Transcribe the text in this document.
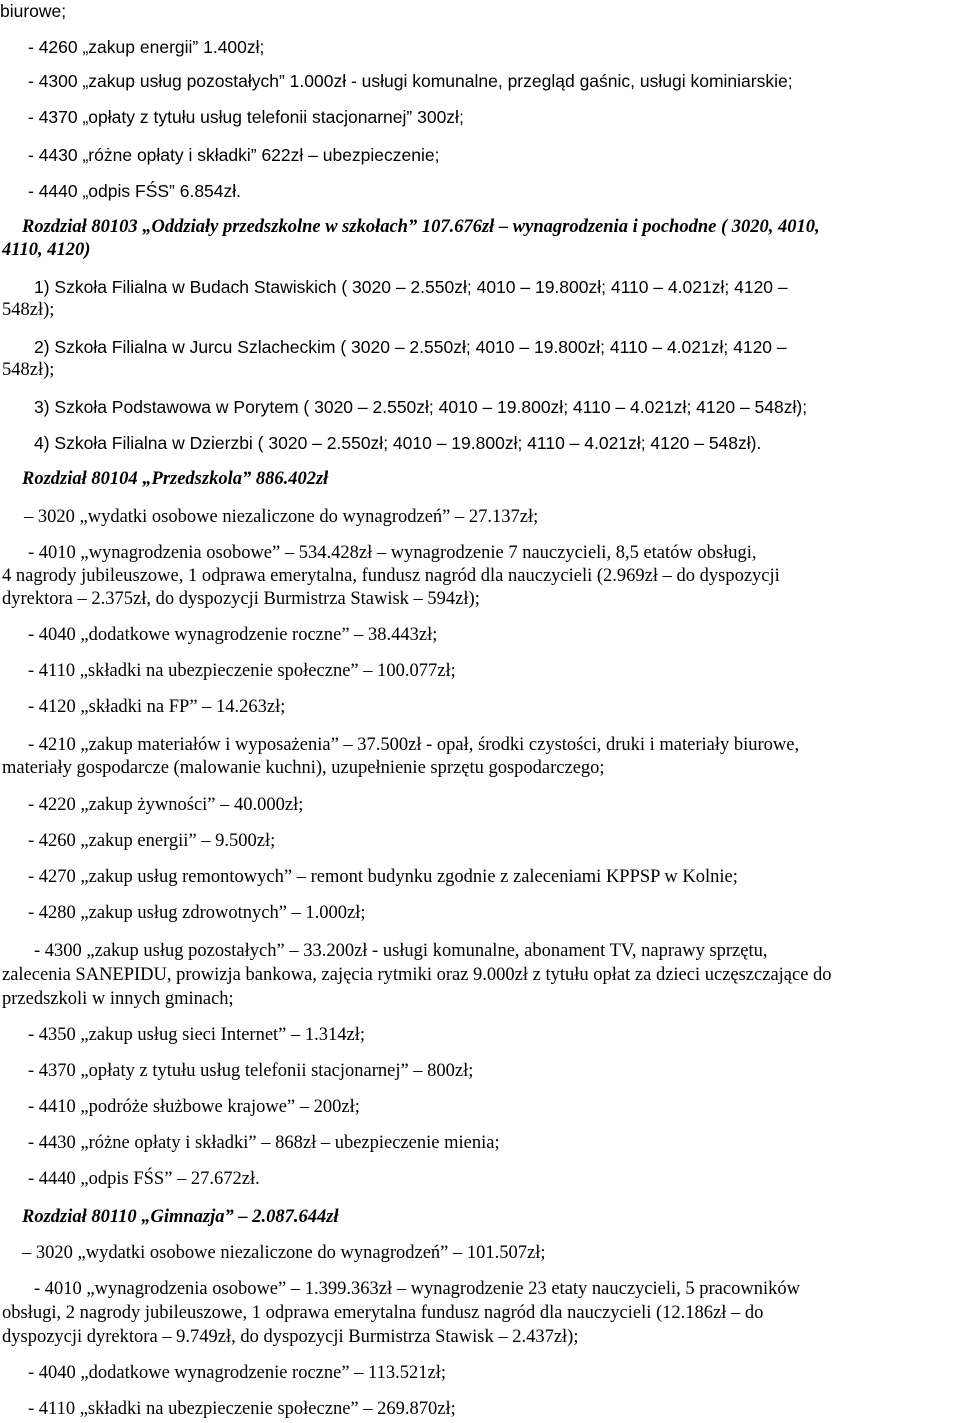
biurowe;
- 4260 „zakup energii” 1.400zł;
- 4300 „zakup usług pozostałych” 1.000zł - usługi komunalne, przegląd gaśnic, usługi kominiarskie;
- 4370 „opłaty z tytułu usług telefonii stacjonarnej” 300zł;
- 4430 „różne opłaty i składki” 622zł – ubezpieczenie;
- 4440 „odpis FŚS” 6.854zł.
Rozdział 80103 „Oddziały przedszkolne w szkołach” 107.676zł – wynagrodzenia i pochodne ( 3020, 4010,
4110, 4120)
1) Szkoła Filialna w Budach Stawiskich ( 3020 – 2.550zł; 4010 – 19.800zł; 4110 – 4.021zł; 4120 –
548zł);
2) Szkoła Filialna w Jurcu Szlacheckim ( 3020 – 2.550zł; 4010 – 19.800zł; 4110 – 4.021zł; 4120 –
548zł);
3) Szkoła Podstawowa w Porytem ( 3020 – 2.550zł; 4010 – 19.800zł; 4110 – 4.021zł; 4120 – 548zł);
4) Szkoła Filialna w Dzierzbi ( 3020 – 2.550zł; 4010 – 19.800zł; 4110 – 4.021zł; 4120 – 548zł).
Rozdział 80104 „Przedszkola” 886.402zł
– 3020 „wydatki osobowe niezaliczone do wynagrodzeń” – 27.137zł;
- 4010 „wynagrodzenia osobowe” – 534.428zł – wynagrodzenie 7 nauczycieli, 8,5 etatów obsługi,
4 nagrody jubileuszowe, 1 odprawa emerytalna, fundusz nagród dla nauczycieli (2.969zł – do dyspozycji
dyrektora – 2.375zł, do dyspozycji Burmistrza Stawisk – 594zł);
- 4040 „dodatkowe wynagrodzenie roczne” – 38.443zł;
- 4110 „składki na ubezpieczenie społeczne” – 100.077zł;
- 4120 „składki na FP” – 14.263zł;
- 4210 „zakup materiałów i wyposażenia” – 37.500zł - opał, środki czystości, druki i materiały biurowe,
materiały gospodarcze (malowanie kuchni), uzupełnienie sprzętu gospodarczego;
- 4220 „zakup żywności” – 40.000zł;
- 4260 „zakup energii” – 9.500zł;
- 4270 „zakup usług remontowych” – remont budynku zgodnie z zaleceniami KPPSP w Kolnie;
- 4280 „zakup usług zdrowotnych” – 1.000zł;
- 4300 „zakup usług pozostałych” – 33.200zł - usługi komunalne, abonament TV, naprawy sprzętu,
zalecenia SANEPIDU, prowizja bankowa, zajęcia rytmiki oraz 9.000zł z tytułu opłat za dzieci uczęszczające do
przedszkoli w innych gminach;
- 4350 „zakup usług sieci Internet” – 1.314zł;
- 4370 „opłaty z tytułu usług telefonii stacjonarnej” – 800zł;
- 4410 „podróże służbowe krajowe” – 200zł;
- 4430 „różne opłaty i składki” – 868zł – ubezpieczenie mienia;
- 4440 „odpis FŚS” – 27.672zł.
Rozdział 80110 „Gimnazja” – 2.087.644zł
– 3020 „wydatki osobowe niezaliczone do wynagrodzeń” – 101.507zł;
- 4010 „wynagrodzenia osobowe” – 1.399.363zł – wynagrodzenie 23 etaty nauczycieli, 5 pracowników
obsługi, 2 nagrody jubileuszowe, 1 odprawa emerytalna fundusz nagród dla nauczycieli (12.186zł – do
dyspozycji dyrektora – 9.749zł, do dyspozycji Burmistrza Stawisk – 2.437zł);
- 4040 „dodatkowe wynagrodzenie roczne” – 113.521zł;
- 4110 „składki na ubezpieczenie społeczne” – 269.870zł;
